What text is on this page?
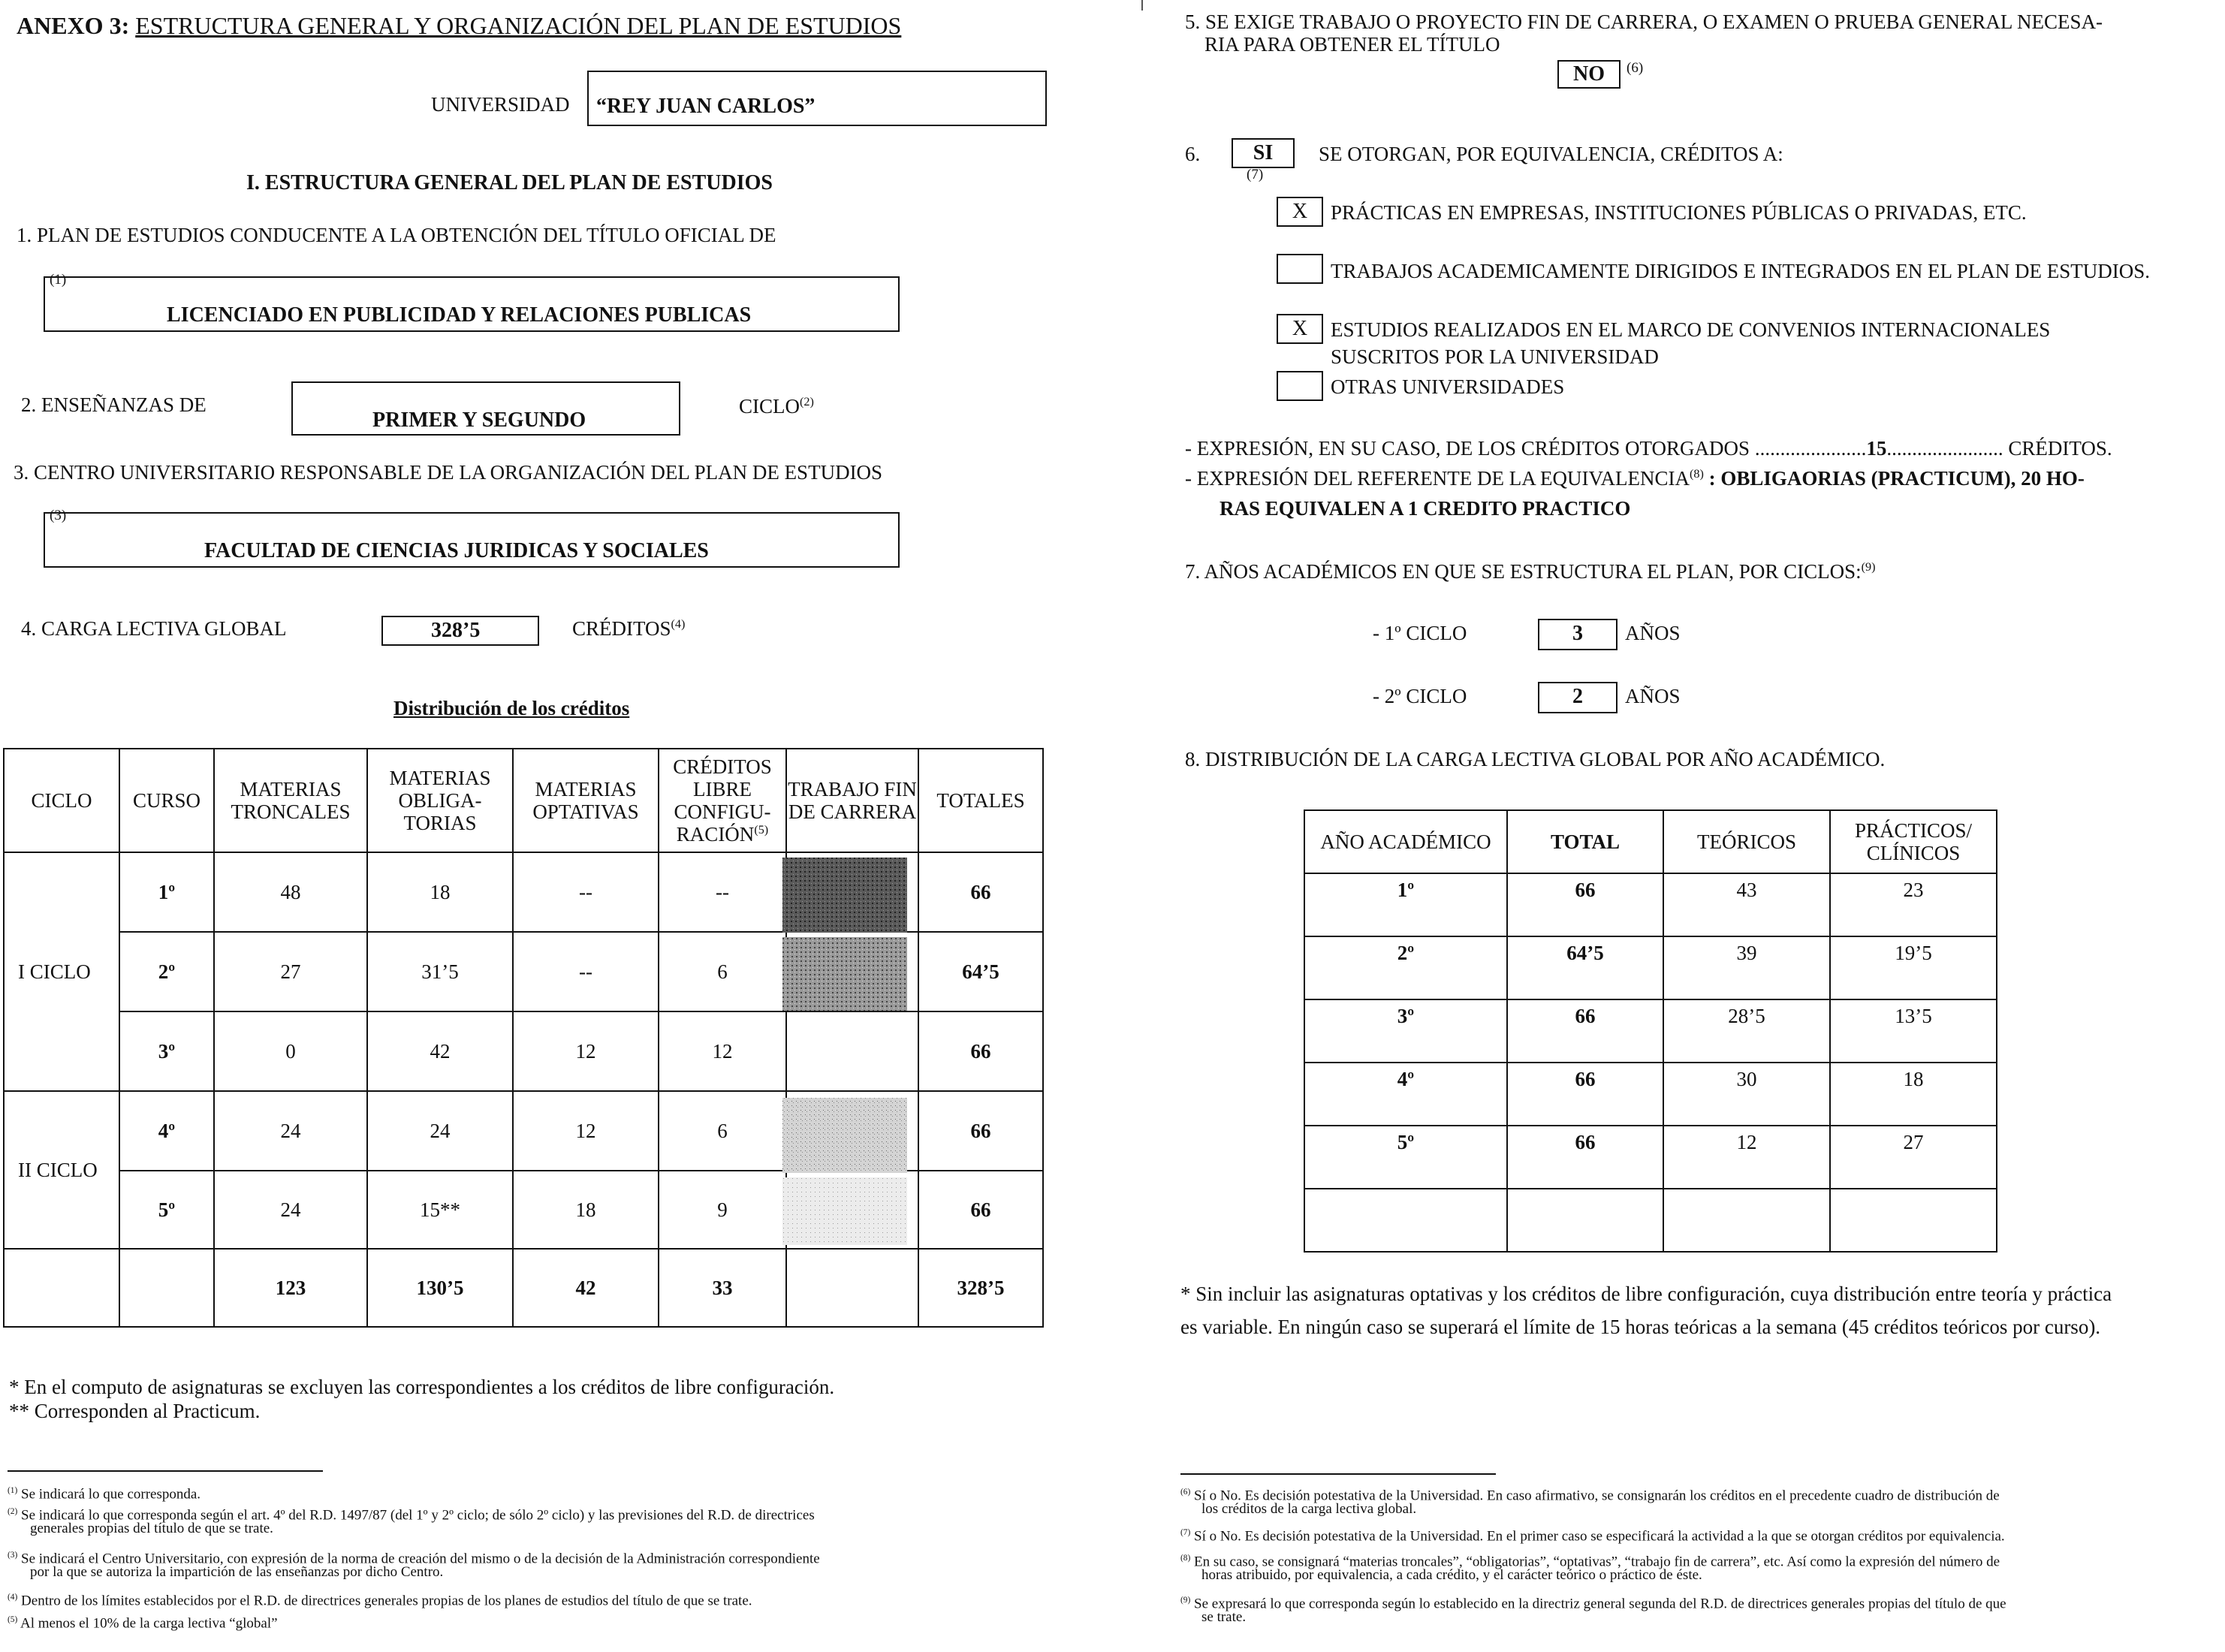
ANEXO 3: ESTRUCTURA GENERAL Y ORGANIZACIÓN DEL PLAN DE ESTUDIOS
UNIVERSIDAD “REY JUAN CARLOS”
I. ESTRUCTURA GENERAL DEL PLAN DE ESTUDIOS
1. PLAN DE ESTUDIOS CONDUCENTE A LA OBTENCIÓN DEL TÍTULO OFICIAL DE
(1)
LICENCIADO EN PUBLICIDAD Y RELACIONES PUBLICAS
2. ENSEÑANZAS DE
PRIMER Y SEGUNDO
CICLO$^{(2)}$
3. CENTRO UNIVERSITARIO RESPONSABLE DE LA ORGANIZACIÓN DEL PLAN DE ESTUDIOS
(3)
FACULTAD DE CIENCIAS JURIDICAS Y SOCIALES
4. CARGA LECTIVA GLOBAL	328’5	CRÉDITOS$^{(4)}$
Distribución de los créditos
CICLO	CURSO	MATERIAS TRONCALES	MATERIAS OBLIGA-TORIAS	MATERIAS OPTATIVAS	CRÉDITOS LIBRE CONFIGU-RACIÓN$^{(5)}$	TRABAJO FIN DE CARRERA	TOTALES
I CICLO	1º	48	18	--	--		66
	2º	27	31’5	--	6		64’5
	3º	0	42	12	12		66
II CICLO	4º	24	24	12	6		66
	5º	24	15**	18	9		66
		123	130’5	42	33		328’5
* En el computo de asignaturas se excluyen las correspondientes a los créditos de libre configuración.
** Corresponden al Practicum.
$^{(1)}$ Se indicará lo que corresponda.
$^{(2)}$ Se indicará lo que corresponda según el art. 4º del R.D. 1497/87 (del 1º y 2º ciclo; de sólo 2º ciclo) y las previsiones del R.D. de directrices
generales propias del título de que se trate.
$^{(3)}$ Se indicará el Centro Universitario, con expresión de la norma de creación del mismo o de la decisión de la Administración correspondiente
por la que se autoriza la impartición de las enseñanzas por dicho Centro.
$^{(4)}$ Dentro de los límites establecidos por el R.D. de directrices generales propias de los planes de estudios del título de que se trate.
$^{(5)}$ Al menos el 10% de la carga lectiva “global”
5. SE EXIGE TRABAJO O PROYECTO FIN DE CARRERA, O EXAMEN O PRUEBA GENERAL NECESA-
RIA PARA OBTENER EL TÍTULO
NO	(6)
6.	SI
(7)
SE OTORGAN, POR EQUIVALENCIA, CRÉDITOS A:
X	PRÁCTICAS EN EMPRESAS, INSTITUCIONES PÚBLICAS O PRIVADAS, ETC.
TRABAJOS ACADEMICAMENTE DIRIGIDOS E INTEGRADOS EN EL PLAN DE ESTUDIOS.
X	ESTUDIOS REALIZADOS EN EL MARCO DE CONVENIOS INTERNACIONALES
SUSCRITOS POR LA UNIVERSIDAD
OTRAS UNIVERSIDADES
- EXPRESIÓN, EN SU CASO, DE LOS CRÉDITOS OTORGADOS ......................15....................... CRÉDITOS.
- EXPRESIÓN DEL REFERENTE DE LA EQUIVALENCIA$^{(8)}$ : OBLIGAORIAS (PRACTICUM), 20 HO-
RAS EQUIVALEN A 1 CREDITO PRACTICO
7. AÑOS ACADÉMICOS EN QUE SE ESTRUCTURA EL PLAN, POR CICLOS:$^{(9)}$
- 1º CICLO	3	AÑOS
- 2º CICLO	2	AÑOS
8. DISTRIBUCIÓN DE LA CARGA LECTIVA GLOBAL POR AÑO ACADÉMICO.
AÑO ACADÉMICO	TOTAL	TEÓRICOS	PRÁCTICOS/ CLÍNICOS
1º	66	43	23
2º	64’5	39	19’5
3º	66	28’5	13’5
4º	66	30	18
5º	66	12	27

* Sin incluir las asignaturas optativas y los créditos de libre configuración, cuya distribución entre teoría y práctica
es variable. En ningún caso se superará el límite de 15 horas teóricas a la semana (45 créditos teóricos por curso).
$^{(6)}$ Sí o No. Es decisión potestativa de la Universidad. En caso afirmativo, se consignarán los créditos en el precedente cuadro de distribución de
los créditos de la carga lectiva global.
$^{(7)}$ Sí o No. Es decisión potestativa de la Universidad. En el primer caso se especificará la actividad a la que se otorgan créditos por equivalencia.
$^{(8)}$ En su caso, se consignará “materias troncales”, “obligatorias”, “optativas”, “trabajo fin de carrera”, etc. Así como la expresión del número de
horas atribuido, por equivalencia, a cada crédito, y el carácter teórico o práctico de éste.
$^{(9)}$ Se expresará lo que corresponda según lo establecido en la directriz general segunda del R.D. de directrices generales propias del título de que
se trate.
